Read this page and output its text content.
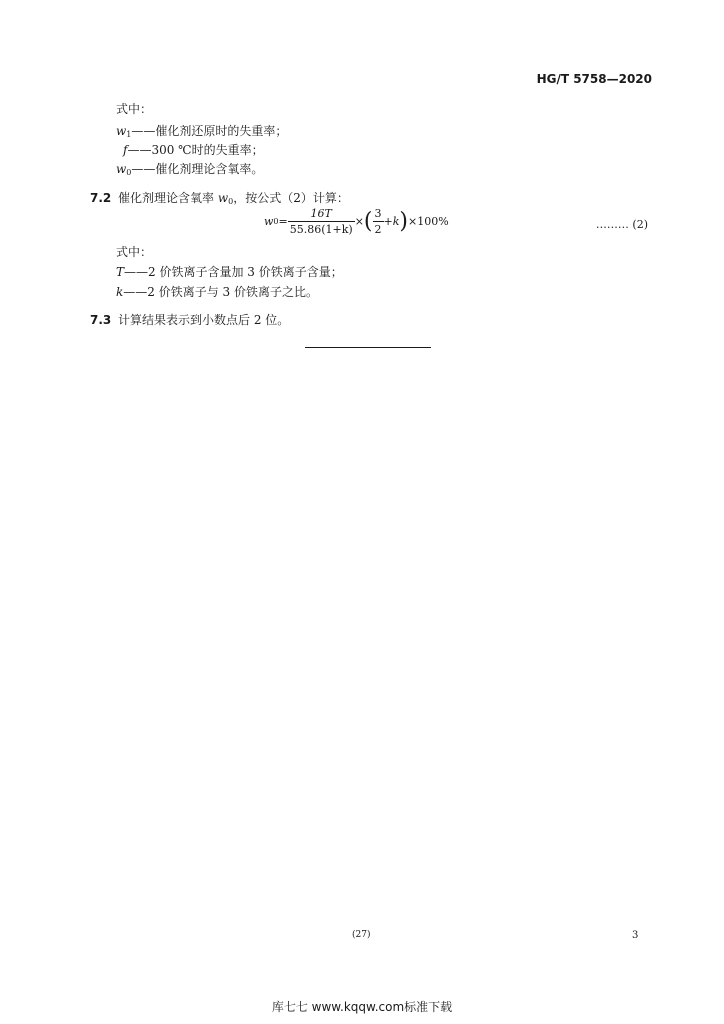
HG/T 5758—2020
式中：
$w_1——$催化剂还原时的失重率；
f——300 ℃时的失重率；
$w_0——$催化剂理论含氧率。
7.2 催化剂理论含氧率 $w_0$，按公式（2）计算：
$w0= \frac{16T}{55.86(1+k)}$ ×( $\frac{3}{2} +k)\times 100\%$	……… (2)
式中：
T——2 价铁离子含量加 3 价铁离子含量；
k——2 价铁离子与 3 价铁离子之比。
7.3 计算结果表示到小数点后 2 位。
(27)	3
库七七 www.kqqw.com标准下载
